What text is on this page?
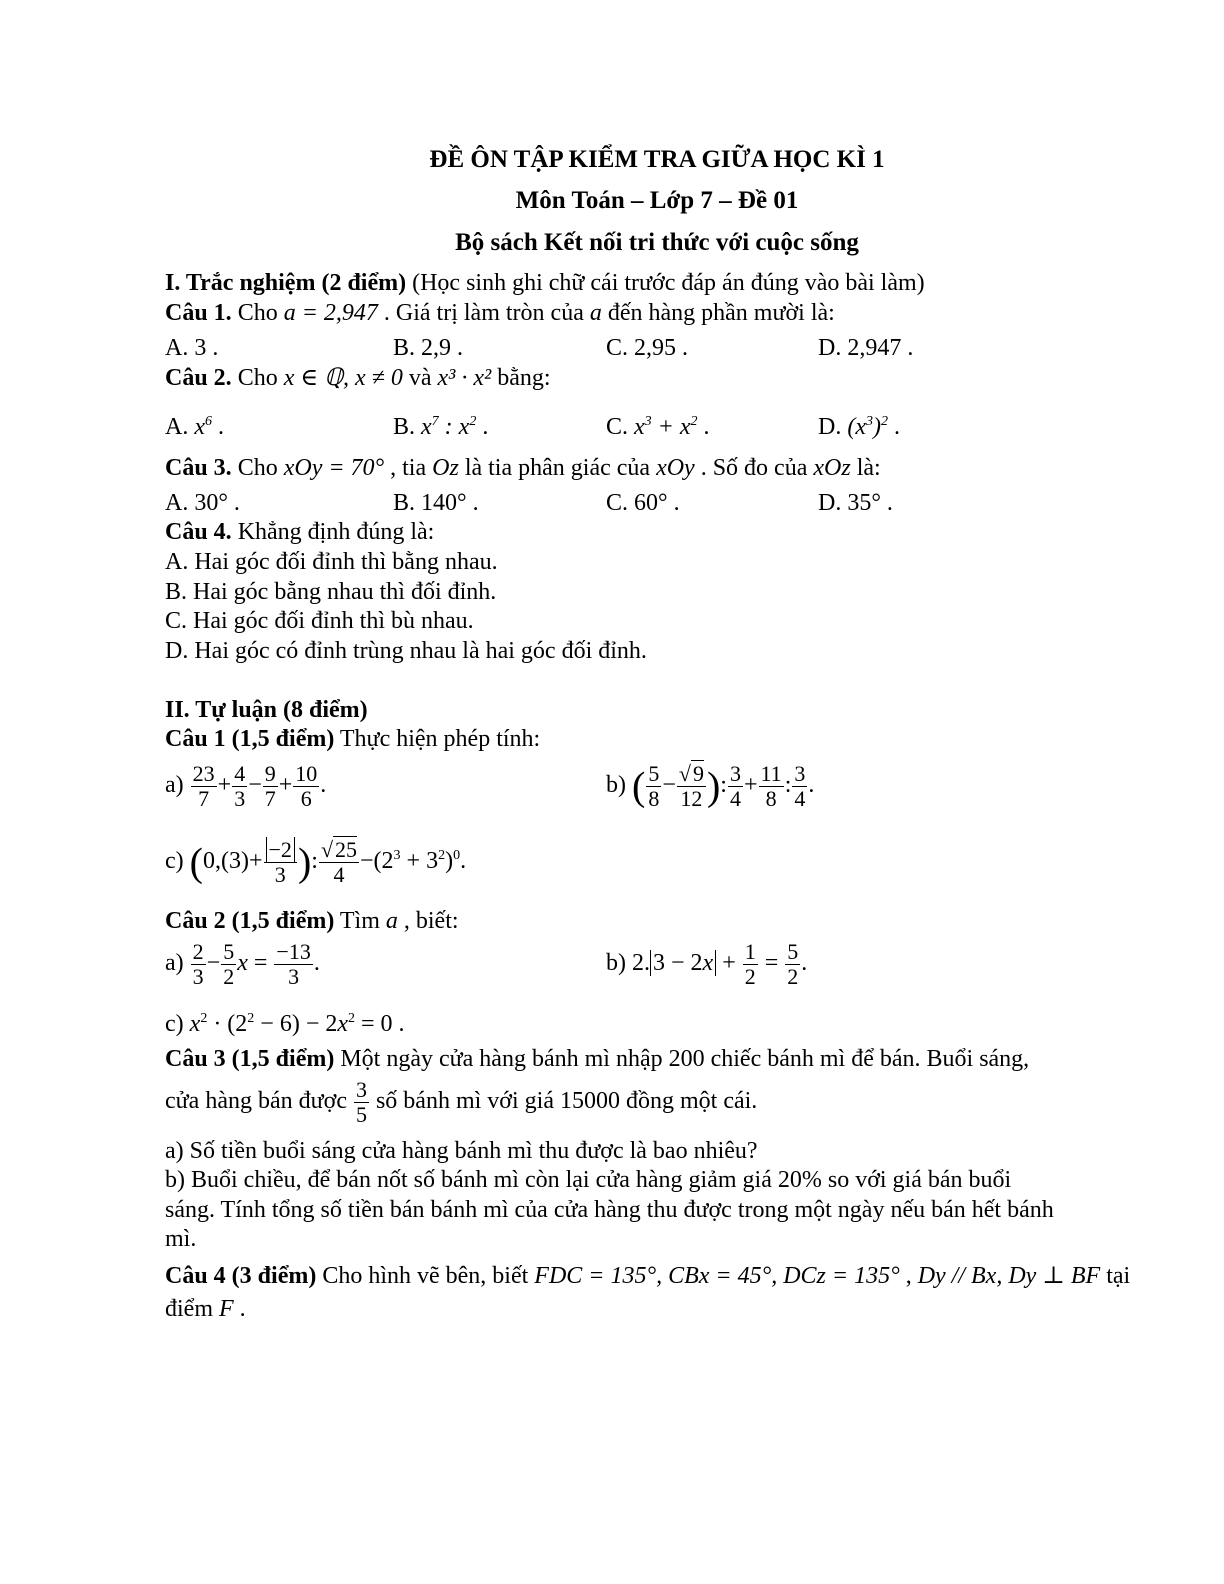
ĐỀ ÔN TẬP KIỂM TRA GIỮA HỌC KÌ 1
Môn Toán – Lớp 7 – Đề 01
Bộ sách Kết nối tri thức với cuộc sống
I. Trắc nghiệm (2 điểm) (Học sinh ghi chữ cái trước đáp án đúng vào bài làm)
Câu 1. Cho a = 2,947 . Giá trị làm tròn của a đến hàng phần mười là:
A. 3 .	B. 2,9 .	C. 2,95 .	D. 2,947 .
Câu 2. Cho x ∈ ℚ, x ≠ 0 và x³ · x² bằng:
A. $x^6$ .	B. $x^7$ : $x^2$ .	C. $x^3 + x^2$ .	D. $(x^3)^2$ .
Câu 3. Cho xOy = 70° , tia Oz là tia phân giác của xOy . Số đo của xOz là:
A. 30° .	B. 140° .	C. 60° .	D. 35° .
Câu 4. Khẳng định đúng là:
A. Hai góc đối đỉnh thì bằng nhau.
B. Hai góc bằng nhau thì đối đỉnh.
C. Hai góc đối đỉnh thì bù nhau.
D. Hai góc có đỉnh trùng nhau là hai góc đối đỉnh.
II. Tự luận (8 điểm)
Câu 1 (1,5 điểm) Thực hiện phép tính:
$a) \frac{23}{7} + \frac{4}{3} - \frac{9}{7} + \frac{10}{6}$ .	b) ( $\frac{5}{8} - \frac{√9}{12}$ ): $\frac{3}{4} + \frac{11}{8}$ : $\frac{3}{4}$ .
c) ($0,(3)+ \frac{-2}{3}$ ): $\frac{√25}{4} -(2^3 + 3^2)^0$.
Câu 2 (1,5 điểm) Tìm a , biết:
$a) \frac{2}{3} - \frac{5}{2}$ $x = \frac{-13}{3}$ .	b) 2. $3 - 2x + \frac{1}{2} = \frac{5}{2}$ .
c) $x^2 \cdot (2^2 - 6) - 2x^2 = 0$ .
Câu 3 (1,5 điểm) Một ngày cửa hàng bánh mì nhập 200 chiếc bánh mì để bán. Buổi sáng,
cửa hàng bán được $\frac{3}{5}$ số bánh mì với giá 15000 đồng một cái.
a) Số tiền buổi sáng cửa hàng bánh mì thu được là bao nhiêu?
b) Buổi chiều, để bán nốt số bánh mì còn lại cửa hàng giảm giá 20% so với giá bán buổi
sáng. Tính tổng số tiền bán bánh mì của cửa hàng thu được trong một ngày nếu bán hết bánh
mì.
Câu 4 (3 điểm) Cho hình vẽ bên, biết FDC = 135°, CBx = 45°, DCz = 135° , Dy // Bx, Dy ⊥ BF tại
điểm F .
